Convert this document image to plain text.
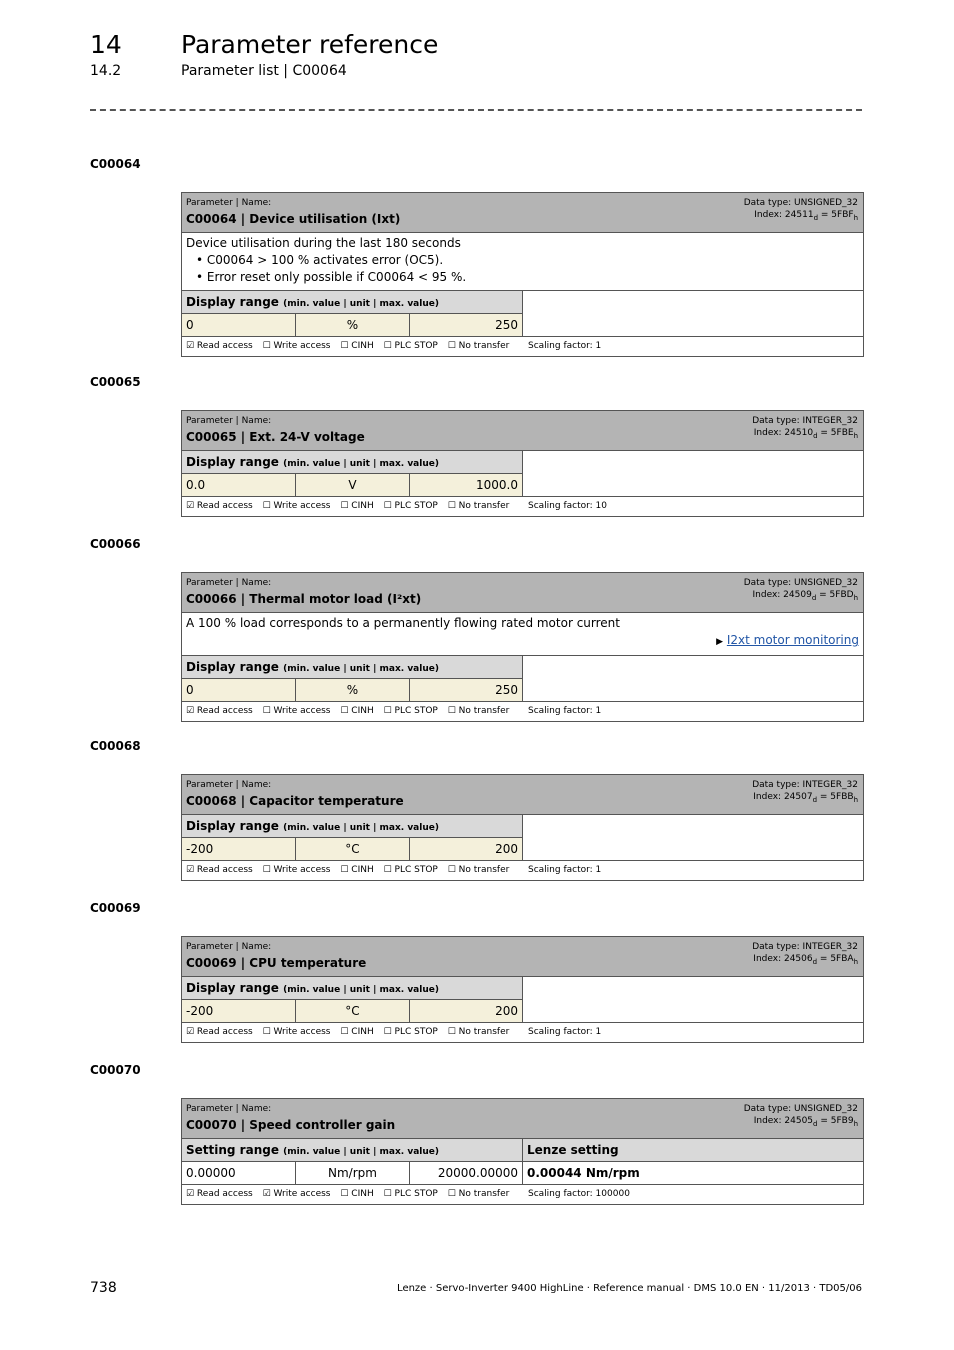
14 Parameter reference
14.2	Parameter list | C00064
C00064
Parameter | Name:
C00064 | Device utilisation (Ixt)
Data type: UNSIGNED_32
Index: $24511_d = 5FBF_h$
Device utilisation during the last 180 seconds
• C00064 > 100 % activates error (OC5).
• Error reset only possible if C00064 < 95 %.
Display range (min. value | unit | max. value)
0	%	250
☑ Read access ☐ Write access ☐ CINH ☐ PLC STOP ☐ No transfer Scaling factor: 1
C00065
Parameter | Name:
C00065 | Ext. 24-V voltage
Data type: INTEGER_32
Index: $24510_d = 5FBE_h$
Display range (min. value | unit | max. value)
0.0	V	1000.0
☑ Read access ☐ Write access ☐ CINH ☐ PLC STOP ☐ No transfer Scaling factor: 10
C00066
Parameter | Name:
C00066 | Thermal motor load (I²xt)
Data type: UNSIGNED_32
Index: $24509_d = 5FBD_h$
A 100 % load corresponds to a permanently flowing rated motor current
▶ I2xt motor monitoring
Display range (min. value | unit | max. value)
0	%	250
☑ Read access ☐ Write access ☐ CINH ☐ PLC STOP ☐ No transfer Scaling factor: 1
C00068
Parameter | Name:
C00068 | Capacitor temperature
Data type: INTEGER_32
Index: $24507_d = 5FBB_h$
Display range (min. value | unit | max. value)
-200	°C	200
☑ Read access ☐ Write access ☐ CINH ☐ PLC STOP ☐ No transfer Scaling factor: 1
C00069
Parameter | Name:
C00069 | CPU temperature
Data type: INTEGER_32
Index: $24506_d = 5FBA_h$
Display range (min. value | unit | max. value)
-200	°C	200
☑ Read access ☐ Write access ☐ CINH ☐ PLC STOP ☐ No transfer Scaling factor: 1
C00070
Parameter | Name:
C00070 | Speed controller gain
Data type: UNSIGNED_32
Index: $24505_d = 5FB9_h$
Setting range (min. value | unit | max. value)
0.00000	Nm/rpm	20000.00000
Lenze setting
0.00044 Nm/rpm
☑ Read access ☑ Write access ☐ CINH ☐ PLC STOP ☐ No transfer Scaling factor: 100000
738	Lenze · Servo-Inverter 9400 HighLine · Reference manual · DMS 10.0 EN · 11/2013 · TD05/06
